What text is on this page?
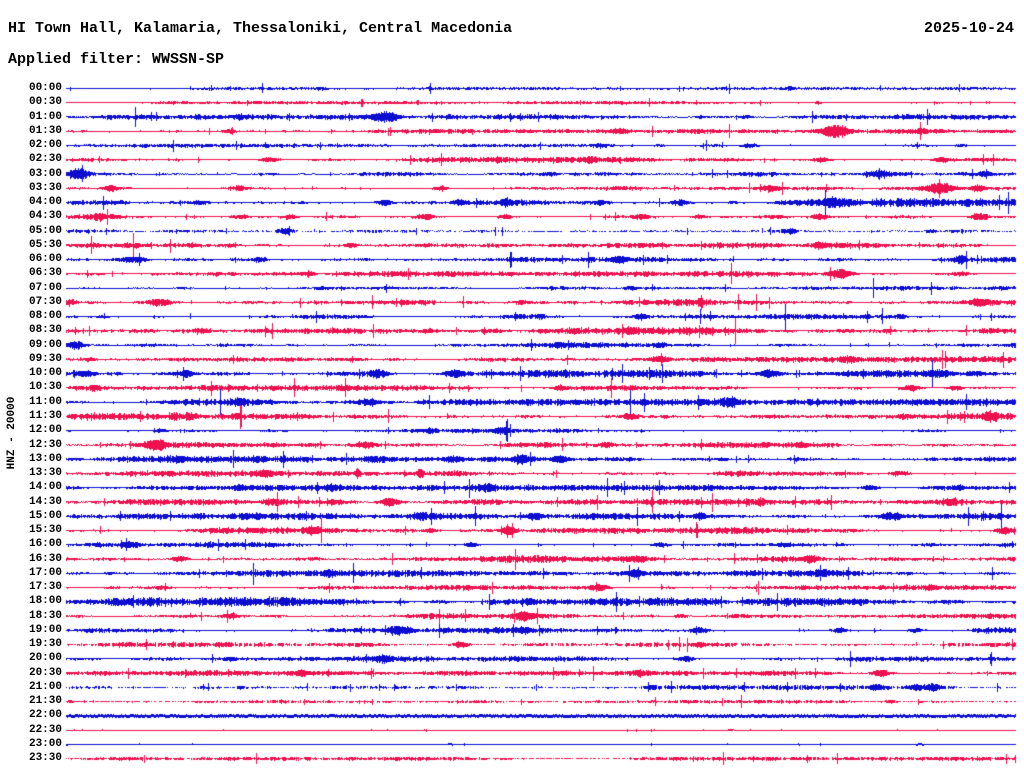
HI Town Hall, Kalamaria, Thessaloniki, Central Macedonia	2025-10-24
Applied filter: WWSSN-SP
HNZ - 20000
00:00
00:30
01:00
01:30
02:00
02:30
03:00
03:30
04:00
04:30
05:00
05:30
06:00
06:30
07:00
07:30
08:00
08:30
09:00
09:30
10:00
10:30
11:00
11:30
12:00
12:30
13:00
13:30
14:00
14:30
15:00
15:30
16:00
16:30
17:00
17:30
18:00
18:30
19:00
19:30
20:00
20:30
21:00
21:30
22:00
22:30
23:00
23:30
